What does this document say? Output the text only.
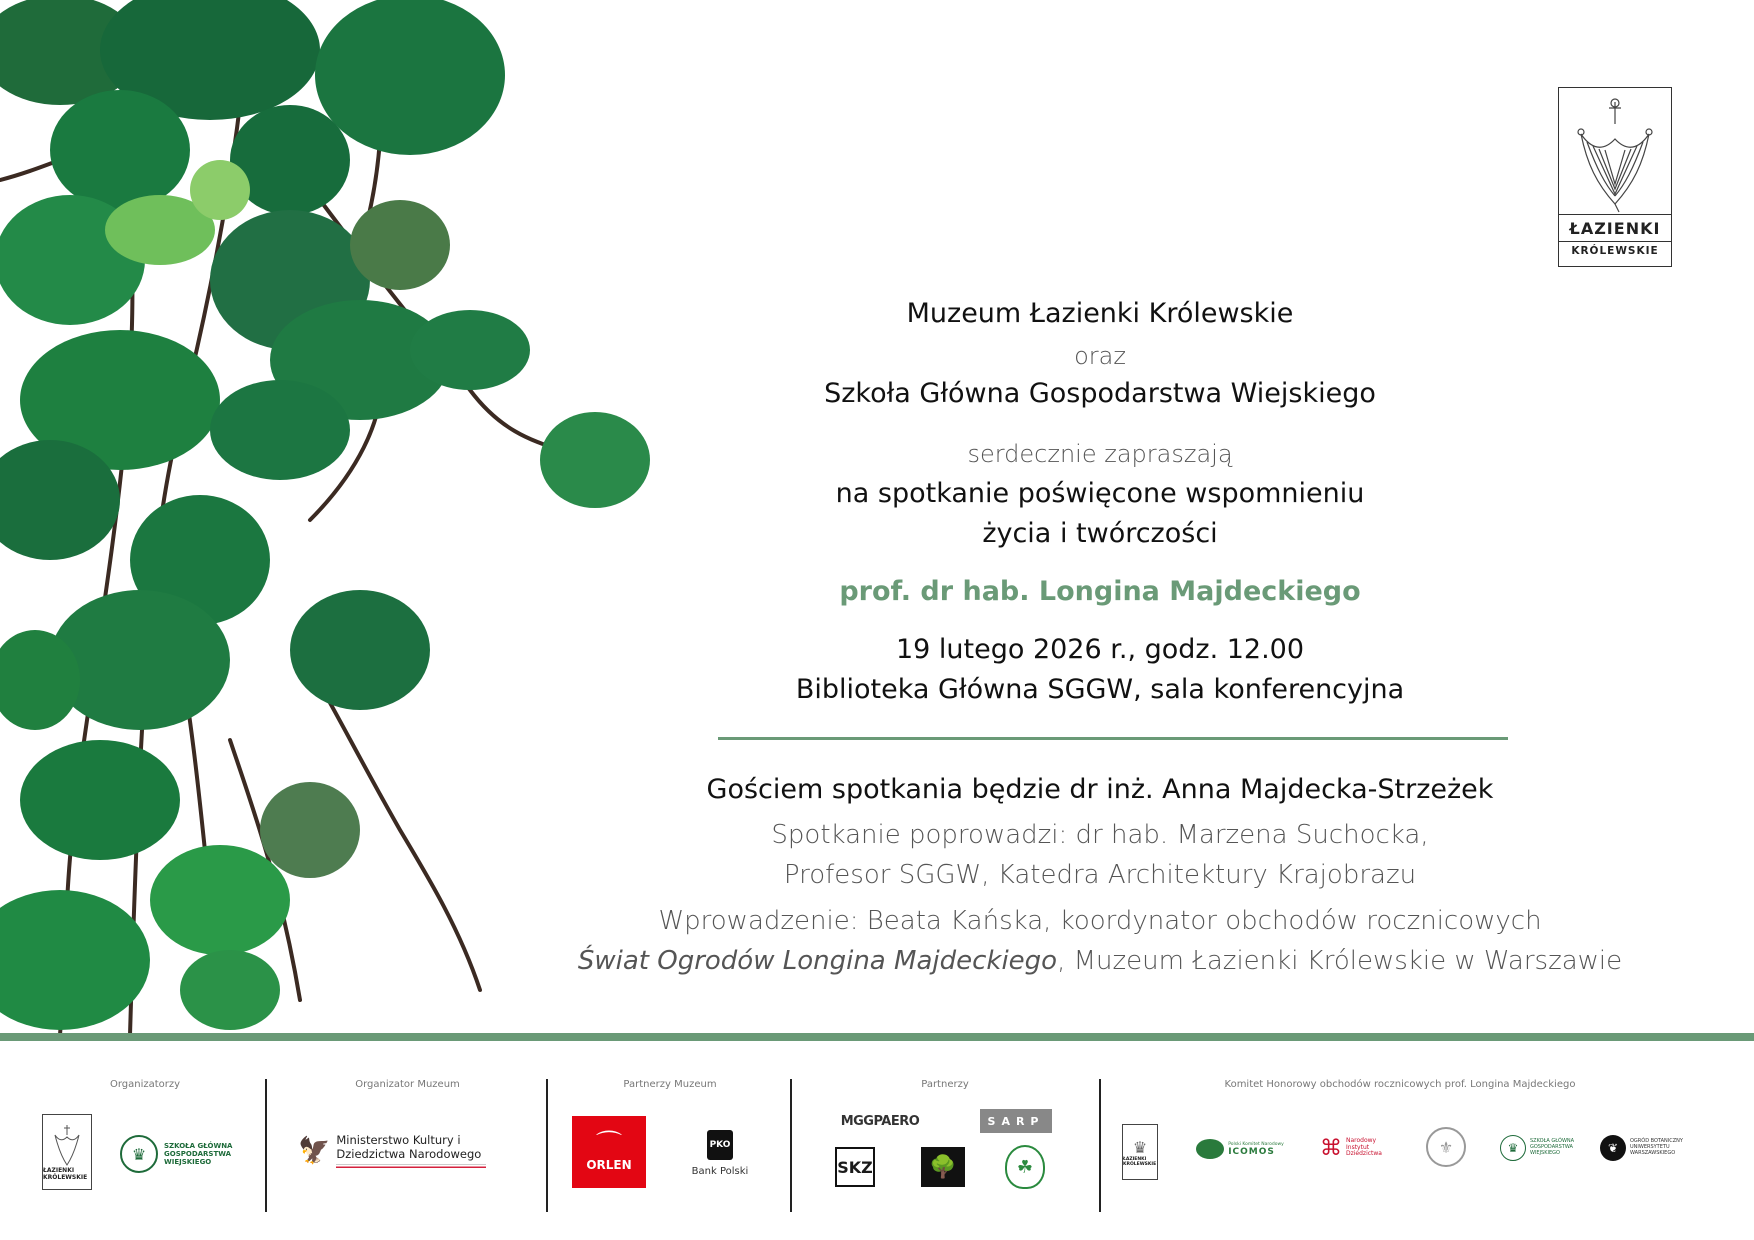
ŁAZIENKI
KRÓLEWSKIE
Muzeum Łazienki Królewskie
oraz
Szkoła Główna Gospodarstwa Wiejskiego
serdecznie zapraszają
na spotkanie poświęcone wspomnieniu
życia i twórczości
prof. dr hab. Longina Majdeckiego
19 lutego 2026 r., godz. 12.00
Biblioteka Główna SGGW, sala konferencyjna
Gościem spotkania będzie dr inż. Anna Majdecka-Strzeżek
Spotkanie poprowadzi: dr hab. Marzena Suchocka,
Profesor SGGW, Katedra Architektury Krajobrazu
Wprowadzenie: Beata Kańska, koordynator obchodów rocznicowych
Świat Ogrodów Longina Majdeckiego, Muzeum Łazienki Królewskie w Warszawie
Organizatorzy
ŁAZIENKI KRÓLEWSKIE
♛	SZKOŁA GŁÓWNA GOSPODARSTWA WIEJSKIEGO
Organizator Muzeum
🦅 Ministerstwo Kultury i Dziedzictwa Narodowego
Partnerzy Muzeum
⌒
ORLEN
PKO
Bank Polski
Partnerzy
MGGPAERO	SARP
SKZ	🌳	☘
Komitet Honorowy obchodów rocznicowych prof. Longina Majdeckiego
♛
ŁAZIENKI KRÓLEWSKIE
Polski Komitet Narodowy
ICOMOS	⌘ Narodowy Instytut Dziedzictwa	⚜	♛	SZKOŁA GŁÓWNA GOSPODARSTWA WIEJSKIEGO	❦	OGRÓD BOTANICZNY UNIWERSYTETU WARSZAWSKIEGO
